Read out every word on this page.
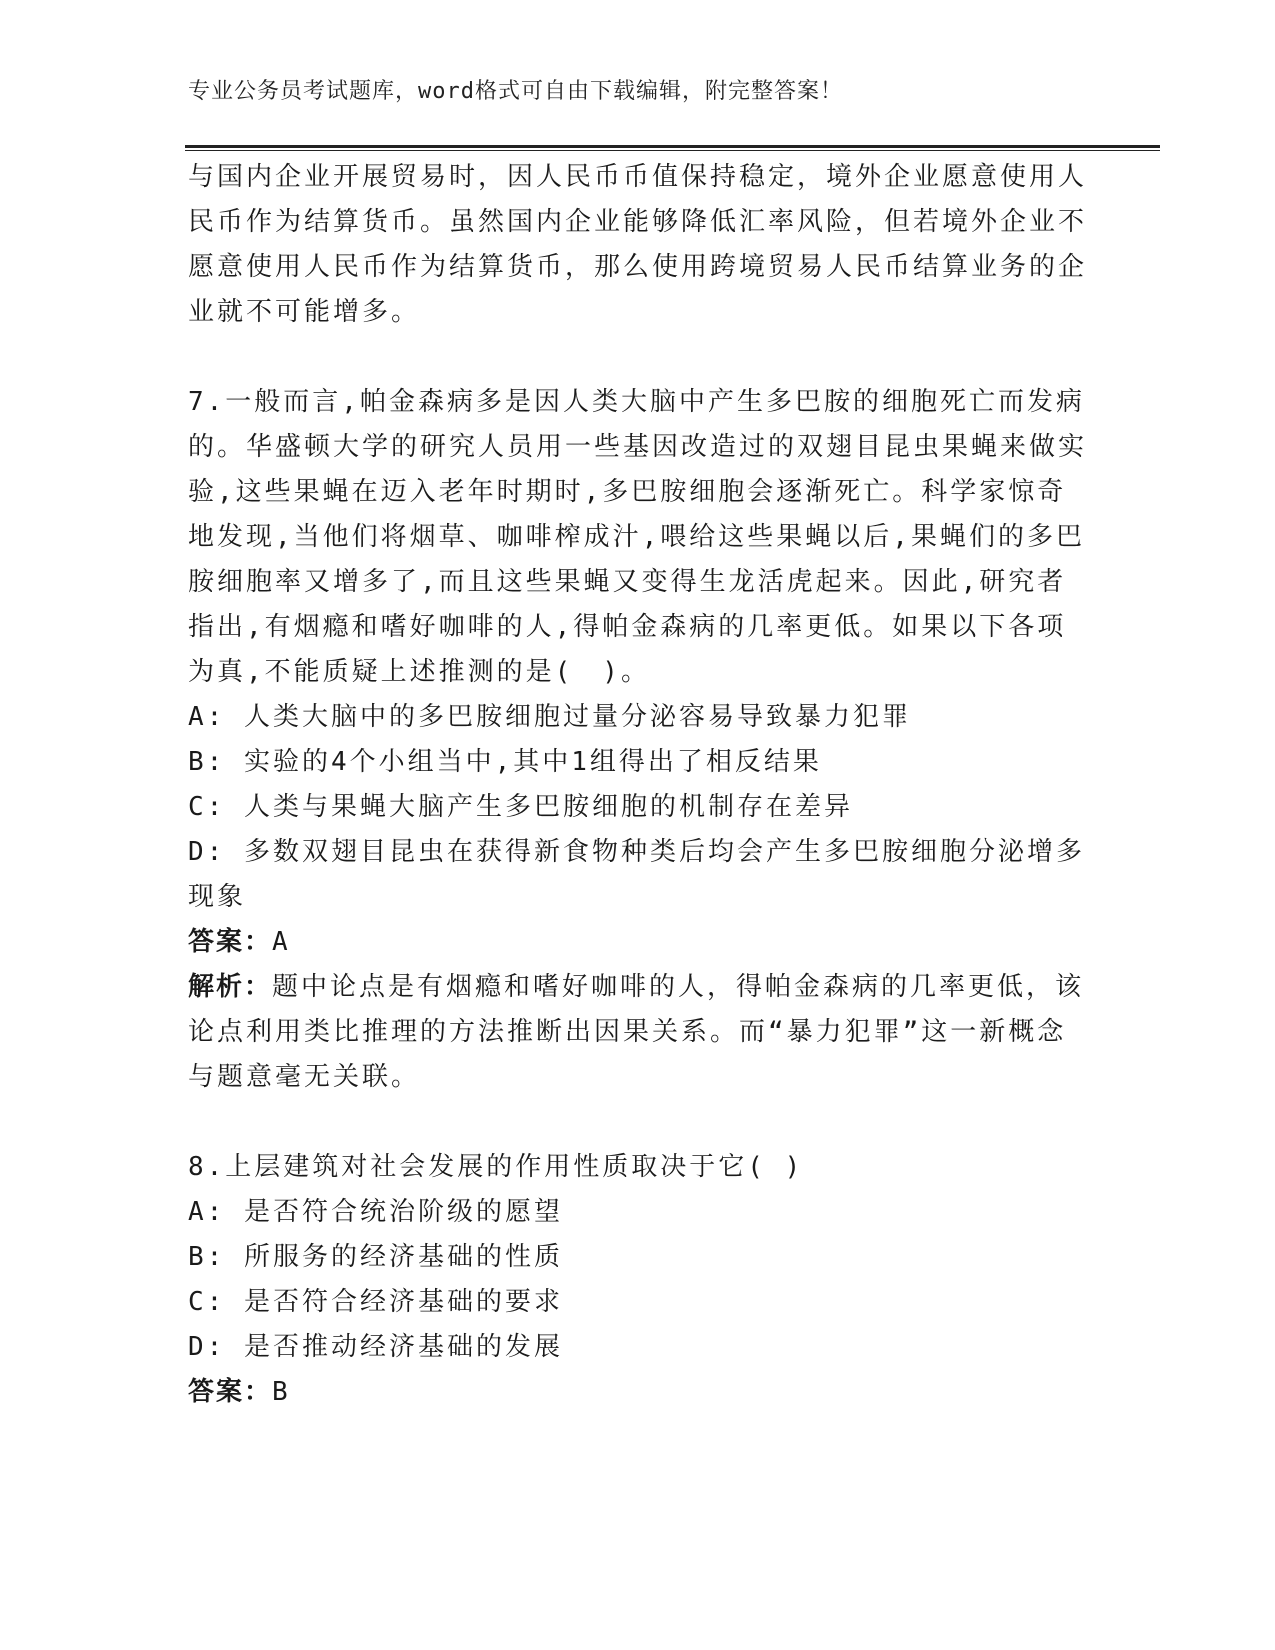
专业公务员考试题库，word格式可自由下载编辑，附完整答案！

与国内企业开展贸易时，因人民币币值保持稳定，境外企业愿意使用人民币作为结算货币。虽然国内企业能够降低汇率风险，但若境外企业不愿意使用人民币作为结算货币，那么使用跨境贸易人民币结算业务的企业就不可能增多。

7.一般而言,帕金森病多是因人类大脑中产生多巴胺的细胞死亡而发病的。华盛顿大学的研究人员用一些基因改造过的双翅目昆虫果蝇来做实验,这些果蝇在迈入老年时期时,多巴胺细胞会逐渐死亡。科学家惊奇地发现,当他们将烟草、咖啡榨成汁,喂给这些果蝇以后,果蝇们的多巴胺细胞率又增多了,而且这些果蝇又变得生龙活虎起来。因此,研究者指出,有烟瘾和嗜好咖啡的人,得帕金森病的几率更低。如果以下各项为真,不能质疑上述推测的是(　)。

A: 人类大脑中的多巴胺细胞过量分泌容易导致暴力犯罪

B: 实验的4个小组当中,其中1组得出了相反结果

C: 人类与果蝇大脑产生多巴胺细胞的机制存在差异

D: 多数双翅目昆虫在获得新食物种类后均会产生多巴胺细胞分泌增多现象

答案：A

解析：题中论点是有烟瘾和嗜好咖啡的人，得帕金森病的几率更低，该论点利用类比推理的方法推断出因果关系。而“暴力犯罪”这一新概念与题意毫无关联。

8.上层建筑对社会发展的作用性质取决于它( )

A: 是否符合统治阶级的愿望

B: 所服务的经济基础的性质

C: 是否符合经济基础的要求

D: 是否推动经济基础的发展

答案：B
